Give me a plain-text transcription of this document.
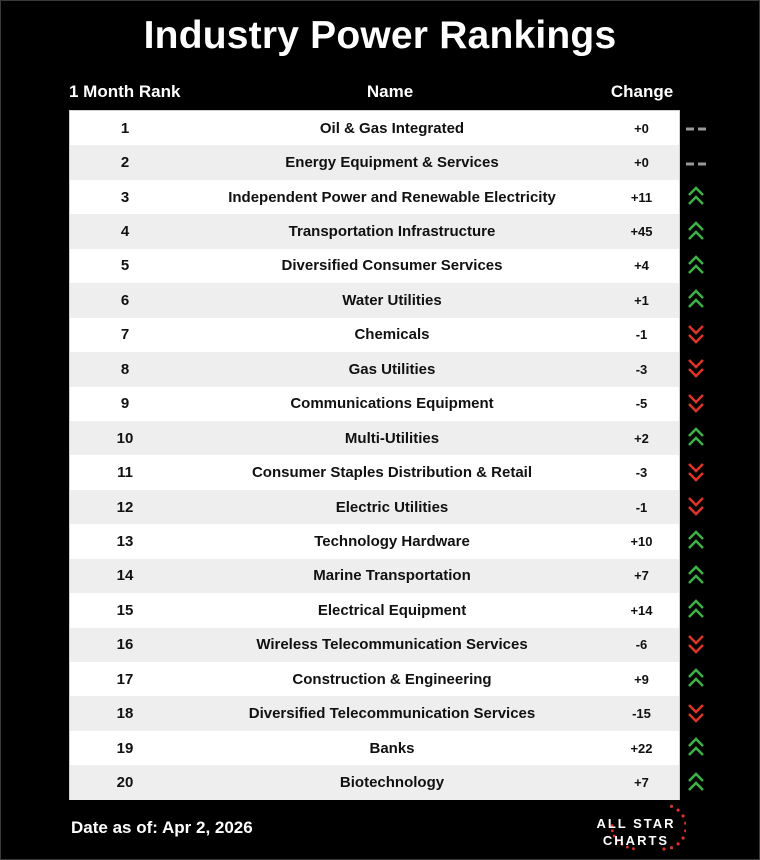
Industry Power Rankings
1 Month Rank	Name	Change
1	Oil & Gas Integrated	+0
2	Energy Equipment & Services	+0
3	Independent Power and Renewable Electricity	+11
4	Transportation Infrastructure	+45
5	Diversified Consumer Services	+4
6	Water Utilities	+1
7	Chemicals	-1
8	Gas Utilities	-3
9	Communications Equipment	-5
10	Multi-Utilities	+2
11	Consumer Staples Distribution & Retail	-3
12	Electric Utilities	-1
13	Technology Hardware	+10
14	Marine Transportation	+7
15	Electrical Equipment	+14
16	Wireless Telecommunication Services	-6
17	Construction & Engineering	+9
18	Diversified Telecommunication Services	-15
19	Banks	+22
20	Biotechnology	+7
Date as of: Apr 2, 2026	ALL STAR
CHARTS
